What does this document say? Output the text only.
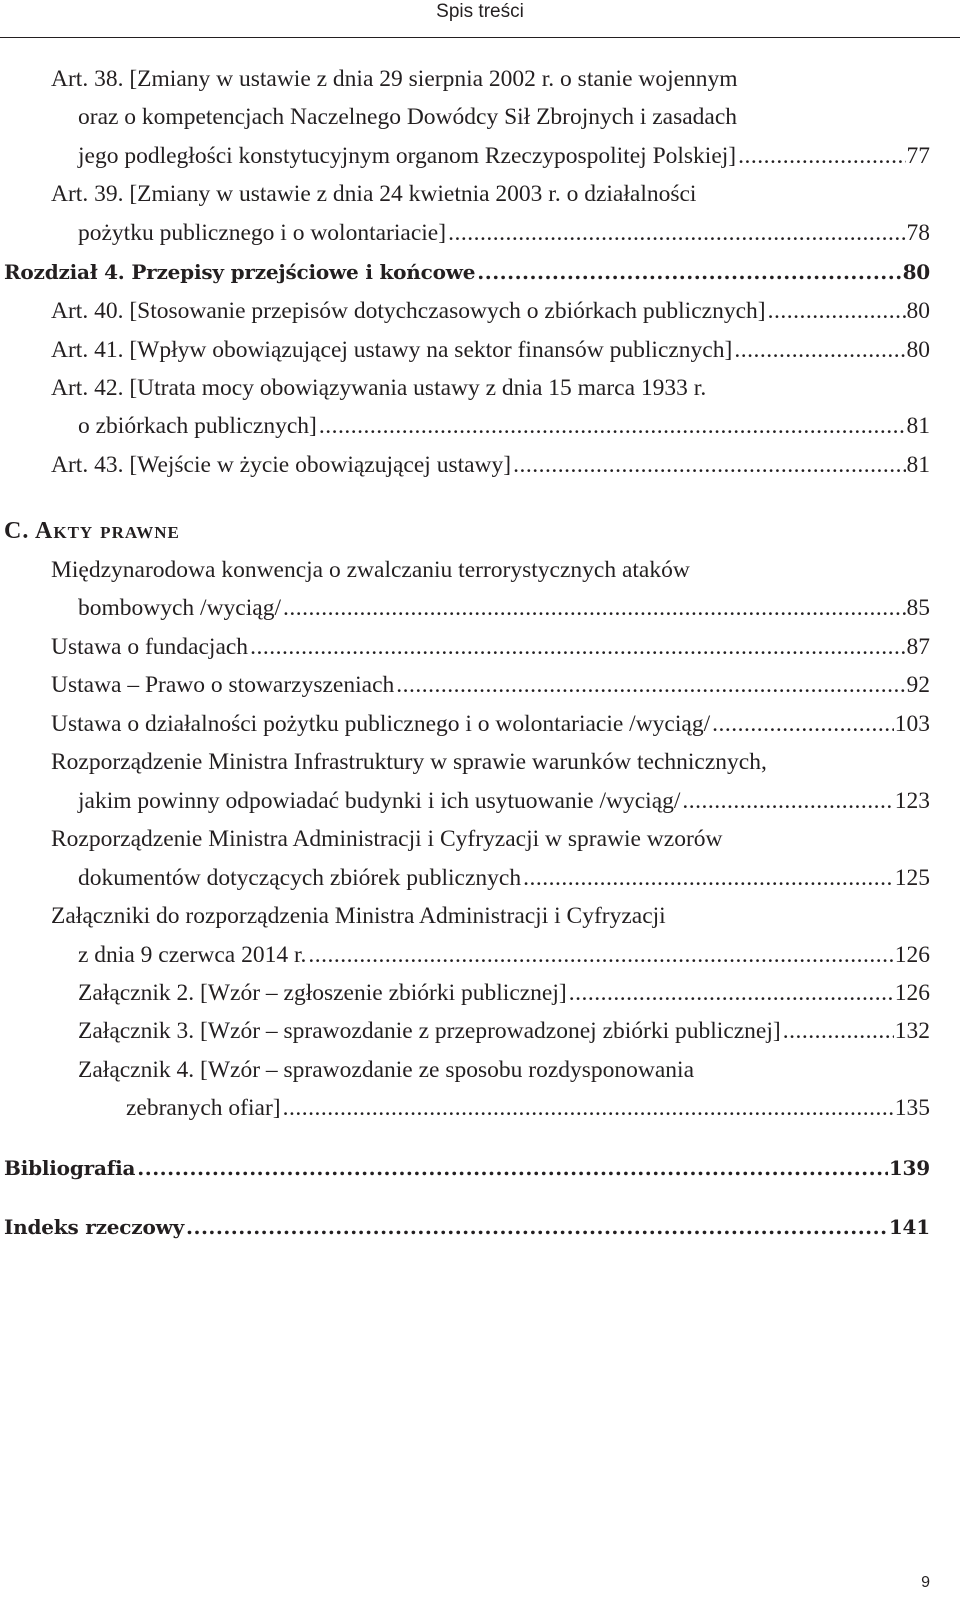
Spis treści
Art. 38. [Zmiany w ustawie z dnia 29 sierpnia 2002 r. o stanie wojennym
oraz o kompetencjach Naczelnego Dowódcy Sił Zbrojnych i zasadach
jego podległości konstytucyjnym organom Rzeczypospolitej Polskiej] .....	77
Art. 39. [Zmiany w ustawie z dnia 24 kwietnia 2003 r. o działalności
pożytku publicznego i o wolontariacie] .....	78
Rozdział 4. Przepisy przejściowe i końcowe .....	80
Art. 40. [Stosowanie przepisów dotychczasowych o zbiórkach publicznych] .....	80
Art. 41. [Wpływ obowiązującej ustawy na sektor finansów publicznych] .....	80
Art. 42. [Utrata mocy obowiązywania ustawy z dnia 15 marca 1933 r.
o zbiórkach publicznych] .....	81
Art. 43. [Wejście w życie obowiązującej ustawy] .....	81
C. Akty prawne
Międzynarodowa konwencja o zwalczaniu terrorystycznych ataków
bombowych /wyciąg/ .....	85
Ustawa o fundacjach .....	87
Ustawa – Prawo o stowarzyszeniach .....	92
Ustawa o działalności pożytku publicznego i o wolontariacie /wyciąg/ .....	103
Rozporządzenie Ministra Infrastruktury w sprawie warunków technicznych,
jakim powinny odpowiadać budynki i ich usytuowanie /wyciąg/ .....	123
Rozporządzenie Ministra Administracji i Cyfryzacji w sprawie wzorów
dokumentów dotyczących zbiórek publicznych .....	125
Załączniki do rozporządzenia Ministra Administracji i Cyfryzacji
z dnia 9 czerwca 2014 r. .....	126
Załącznik 2. [Wzór – zgłoszenie zbiórki publicznej] .....	126
Załącznik 3. [Wzór – sprawozdanie z przeprowadzonej zbiórki publicznej] .....	132
Załącznik 4. [Wzór – sprawozdanie ze sposobu rozdysponowania
zebranych ofiar] .....	135
Bibliografia .....	139
Indeks rzeczowy .....	141
9
